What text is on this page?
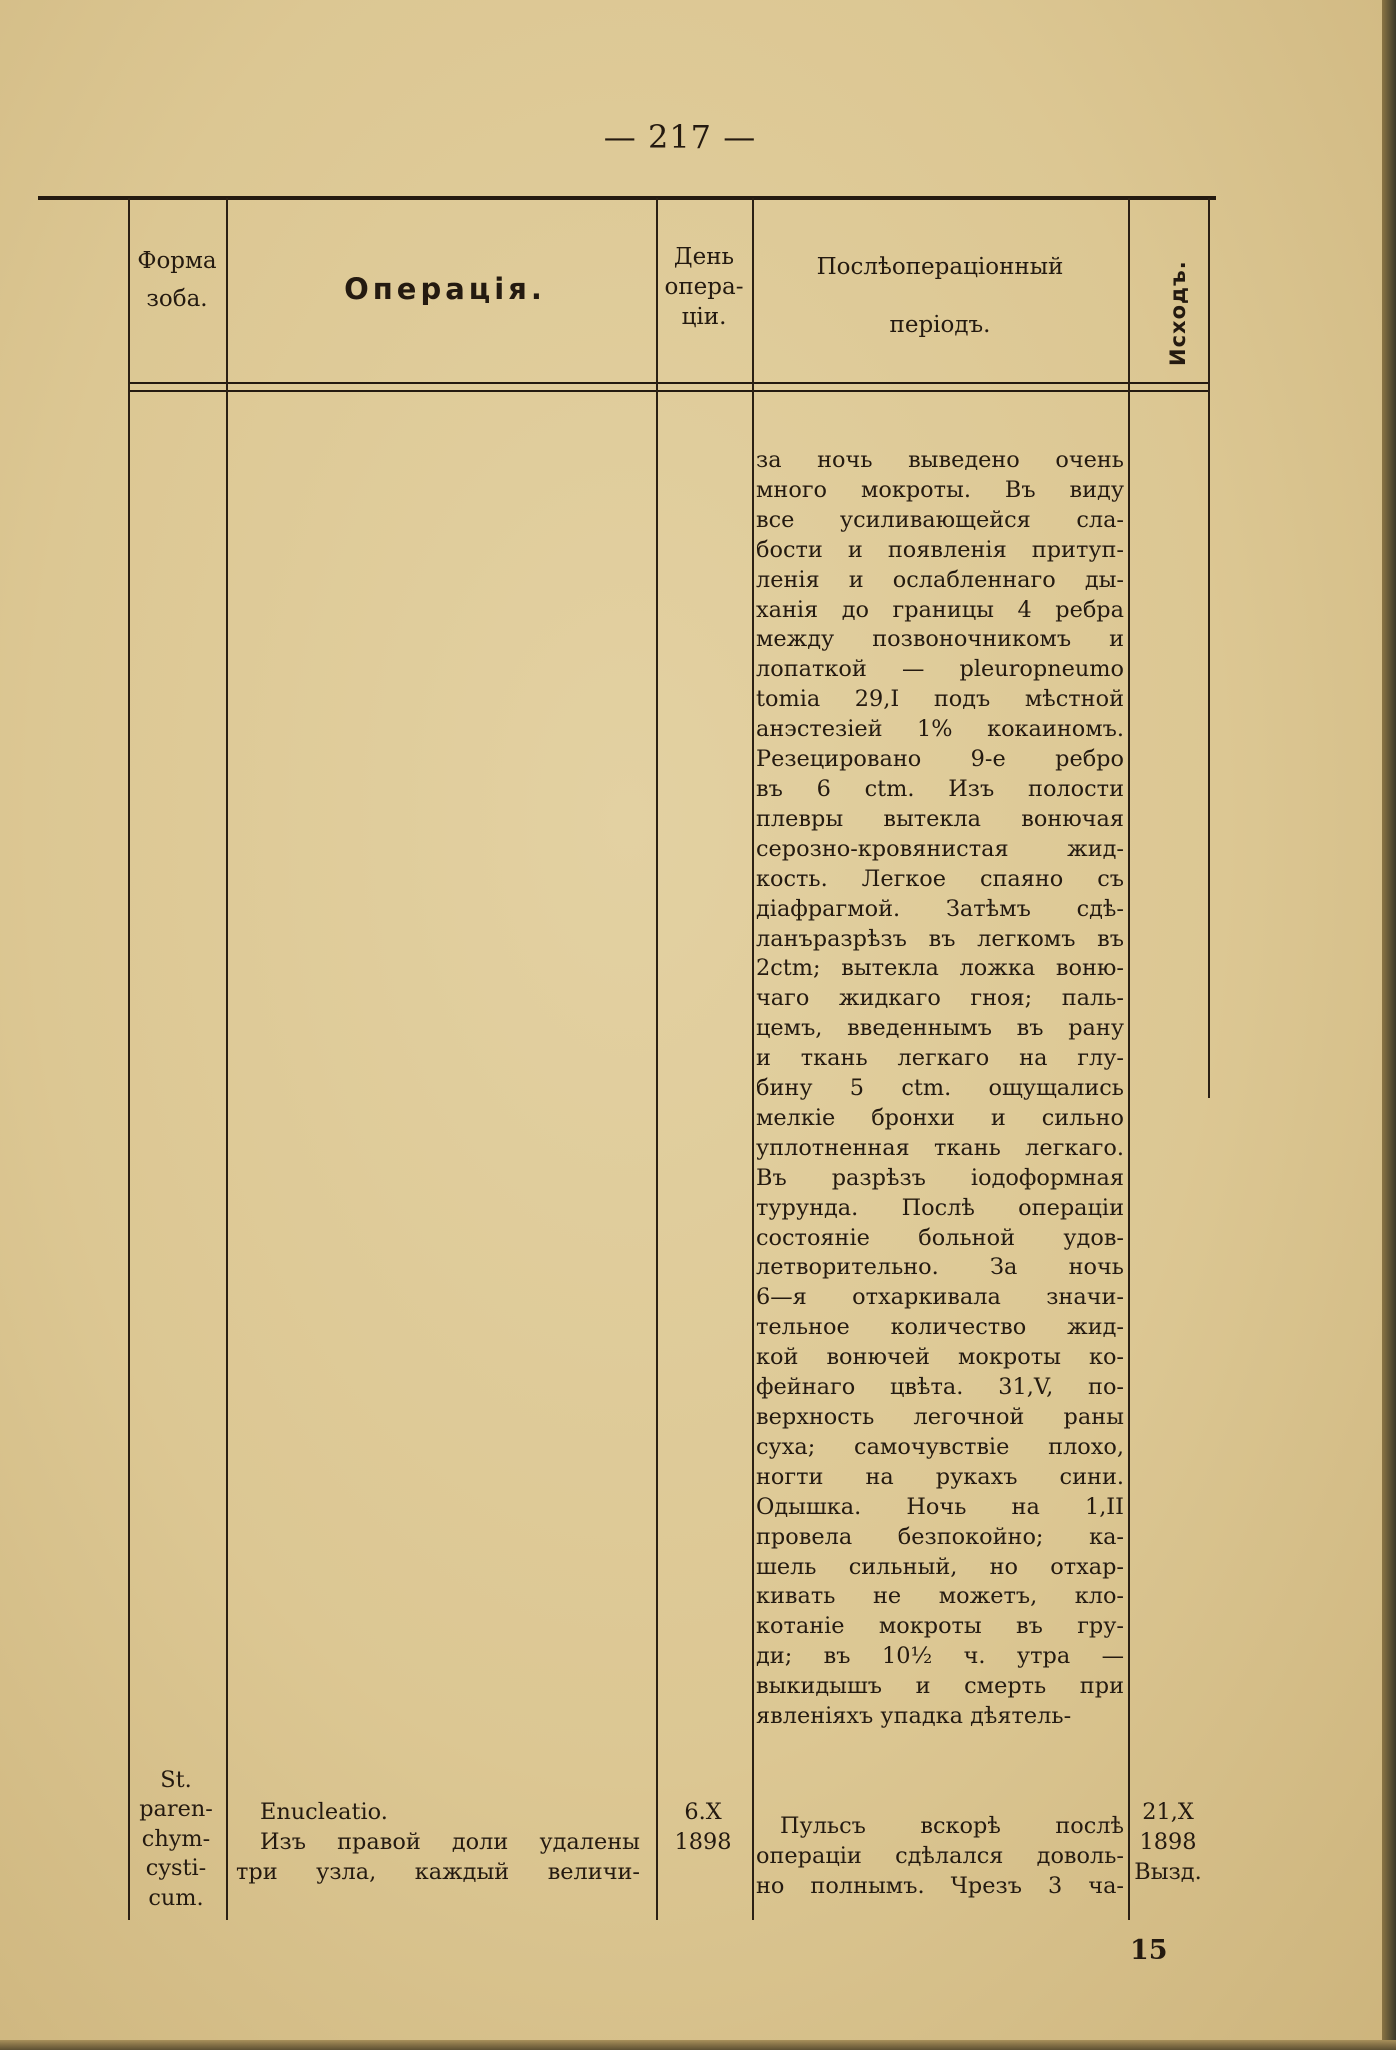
— 217 —
Форма
зоба.	Операція.
День
опера-
ціи.
Послѣопераціонный
періодъ.	Исходъ.
за ночь выведено очень
много мокроты. Въ виду
все усиливающейся сла-
бости и появленія притуп-
ленія и ослабленнаго ды-
ханія до границы 4 ребра
между позвоночникомъ и
лопаткой — pleuropneumo
tomia 29,I подъ мѣстной
анэстезіей 1% кокаиномъ.
Резецировано 9-е ребро
въ 6 ctm. Изъ полости
плевры вытекла вонючая
серозно-кровянистая жид-
кость. Легкое спаяно съ
діафрагмой. Затѣмъ сдѣ-
ланъразрѣзъ въ легкомъ въ
2ctm; вытекла ложка воню-
чаго жидкаго гноя; паль-
цемъ, введеннымъ въ рану
и ткань легкаго на глу-
бину 5 ctm. ощущались
мелкіе бронхи и сильно
уплотненная ткань легкаго.
Въ разрѣзъ іодоформная
турунда. Послѣ операціи
состояніе больной удов-
летворительно. За ночь
6—я отхаркивала значи-
тельное количество жид-
кой вонючей мокроты ко-
фейнаго цвѣта. 31,V, по-
верхность легочной раны
суха; самочувствіе плохо,
ногти на рукахъ сини.
Одышка. Ночь на 1,II
провела безпокойно; ка-
шель сильный, но отхар-
кивать не можетъ, кло-
котаніе мокроты въ гру-
ди; въ 10½ ч. утра —
выкидышъ и смерть при
явленіяхъ упадка дѣятель-
St.
paren-
chym-
cysti-
cum.
Enucleatio.
Изъ правой доли удалены
три узла, каждый величи-
6.X
1898
Пульсъ вскорѣ послѣ
операціи сдѣлался доволь-
но полнымъ. Чрезъ 3 ча-
21,X
1898
Вызд.
15
